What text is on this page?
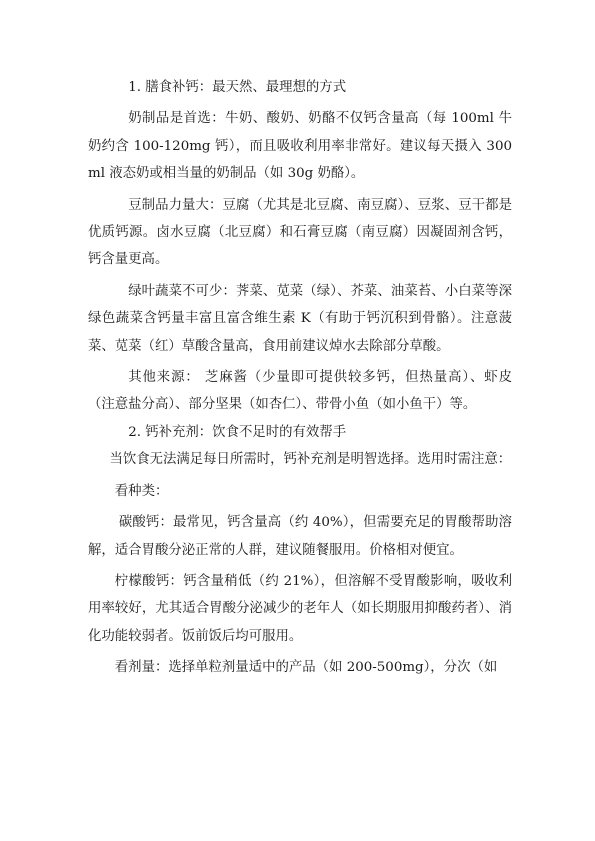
1. 膳食补钙：最天然、最理想的方式

奶制品是首选：牛奶、酸奶、奶酪不仅钙含量高（每 100ml 牛奶约含 100-120mg 钙），而且吸收利用率非常好。建议每天摄入 300ml 液态奶或相当量的奶制品（如 30g 奶酪）。

豆制品力量大：豆腐（尤其是北豆腐、南豆腐）、豆浆、豆干都是优质钙源。卤水豆腐（北豆腐）和石膏豆腐（南豆腐）因凝固剂含钙，钙含量更高。

绿叶蔬菜不可少：荠菜、苋菜（绿）、芥菜、油菜苔、小白菜等深绿色蔬菜含钙量丰富且富含维生素 K（有助于钙沉积到骨骼）。注意菠菜、苋菜（红）草酸含量高，食用前建议焯水去除部分草酸。

其他来源： 芝麻酱（少量即可提供较多钙，但热量高）、虾皮（注意盐分高）、部分坚果（如杏仁）、带骨小鱼（如小鱼干）等。

2. 钙补充剂：饮食不足时的有效帮手

当饮食无法满足每日所需时，钙补充剂是明智选择。选用时需注意：

看种类：

碳酸钙：最常见，钙含量高（约 40%），但需要充足的胃酸帮助溶解，适合胃酸分泌正常的人群，建议随餐服用。价格相对便宜。

柠檬酸钙：钙含量稍低（约 21%），但溶解不受胃酸影响，吸收利用率较好，尤其适合胃酸分泌减少的老年人（如长期服用抑酸药者）、消化功能较弱者。饭前饭后均可服用。

看剂量：选择单粒剂量适中的产品（如 200-500mg），分次（如
